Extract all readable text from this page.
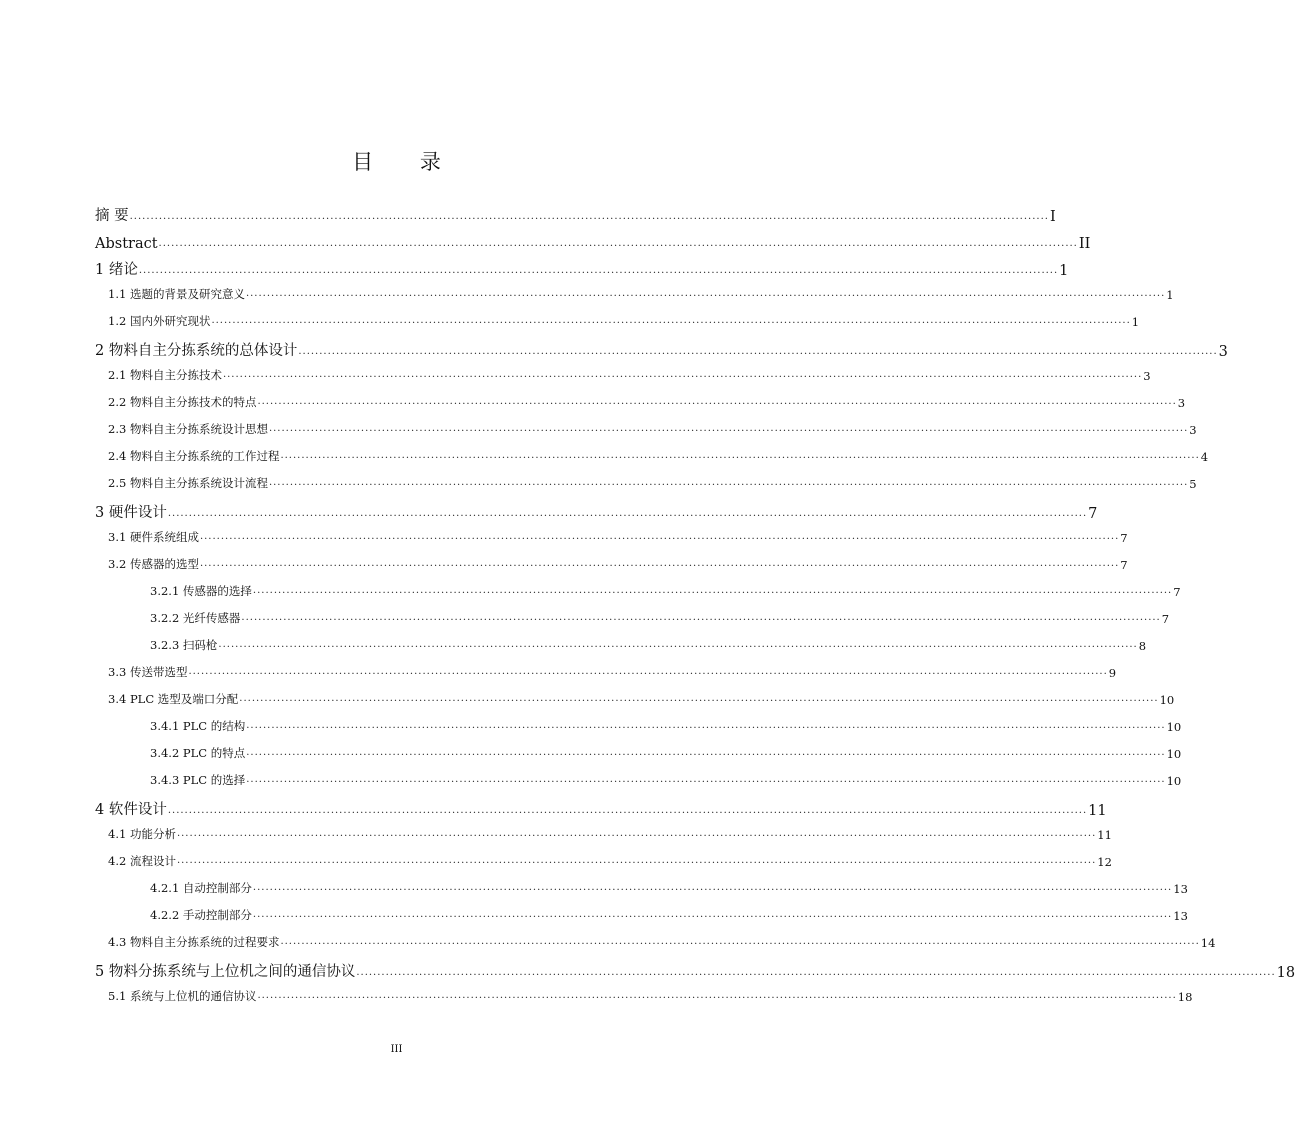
目 录
摘 要 ............................................................................................................................................................................................................................ I
Abstract ............................................................................................................................................................................................................................ II
1 绪论 ............................................................................................................................................................................................................................ 1
1.1 选题的背景及研究意义 ............................................................................................................................................................................................................................ 1
1.2 国内外研究现状 ............................................................................................................................................................................................................................ 1
2 物料自主分拣系统的总体设计 ............................................................................................................................................................................................................................ 3
2.1 物料自主分拣技术 ............................................................................................................................................................................................................................ 3
2.2 物料自主分拣技术的特点 ............................................................................................................................................................................................................................ 3
2.3 物料自主分拣系统设计思想 ............................................................................................................................................................................................................................ 3
2.4 物料自主分拣系统的工作过程 ............................................................................................................................................................................................................................ 4
2.5 物料自主分拣系统设计流程 ............................................................................................................................................................................................................................ 5
3 硬件设计 ............................................................................................................................................................................................................................ 7
3.1 硬件系统组成 ............................................................................................................................................................................................................................ 7
3.2 传感器的选型 ............................................................................................................................................................................................................................ 7
3.2.1 传感器的选择 ............................................................................................................................................................................................................................ 7
3.2.2 光纤传感器 ............................................................................................................................................................................................................................ 7
3.2.3 扫码枪 ............................................................................................................................................................................................................................ 8
3.3 传送带选型 ............................................................................................................................................................................................................................ 9
3.4 PLC 选型及端口分配 ............................................................................................................................................................................................................................ 10
3.4.1 PLC 的结构 ............................................................................................................................................................................................................................ 10
3.4.2 PLC 的特点 ............................................................................................................................................................................................................................ 10
3.4.3 PLC 的选择 ............................................................................................................................................................................................................................ 10
4 软件设计 ............................................................................................................................................................................................................................ 11
4.1 功能分析 ............................................................................................................................................................................................................................ 11
4.2 流程设计 ............................................................................................................................................................................................................................ 12
4.2.1 自动控制部分 ............................................................................................................................................................................................................................ 13
4.2.2 手动控制部分 ............................................................................................................................................................................................................................ 13
4.3 物料自主分拣系统的过程要求 ............................................................................................................................................................................................................................ 14
5 物料分拣系统与上位机之间的通信协议 ............................................................................................................................................................................................................................ 18
5.1 系统与上位机的通信协议 ............................................................................................................................................................................................................................ 18
III
